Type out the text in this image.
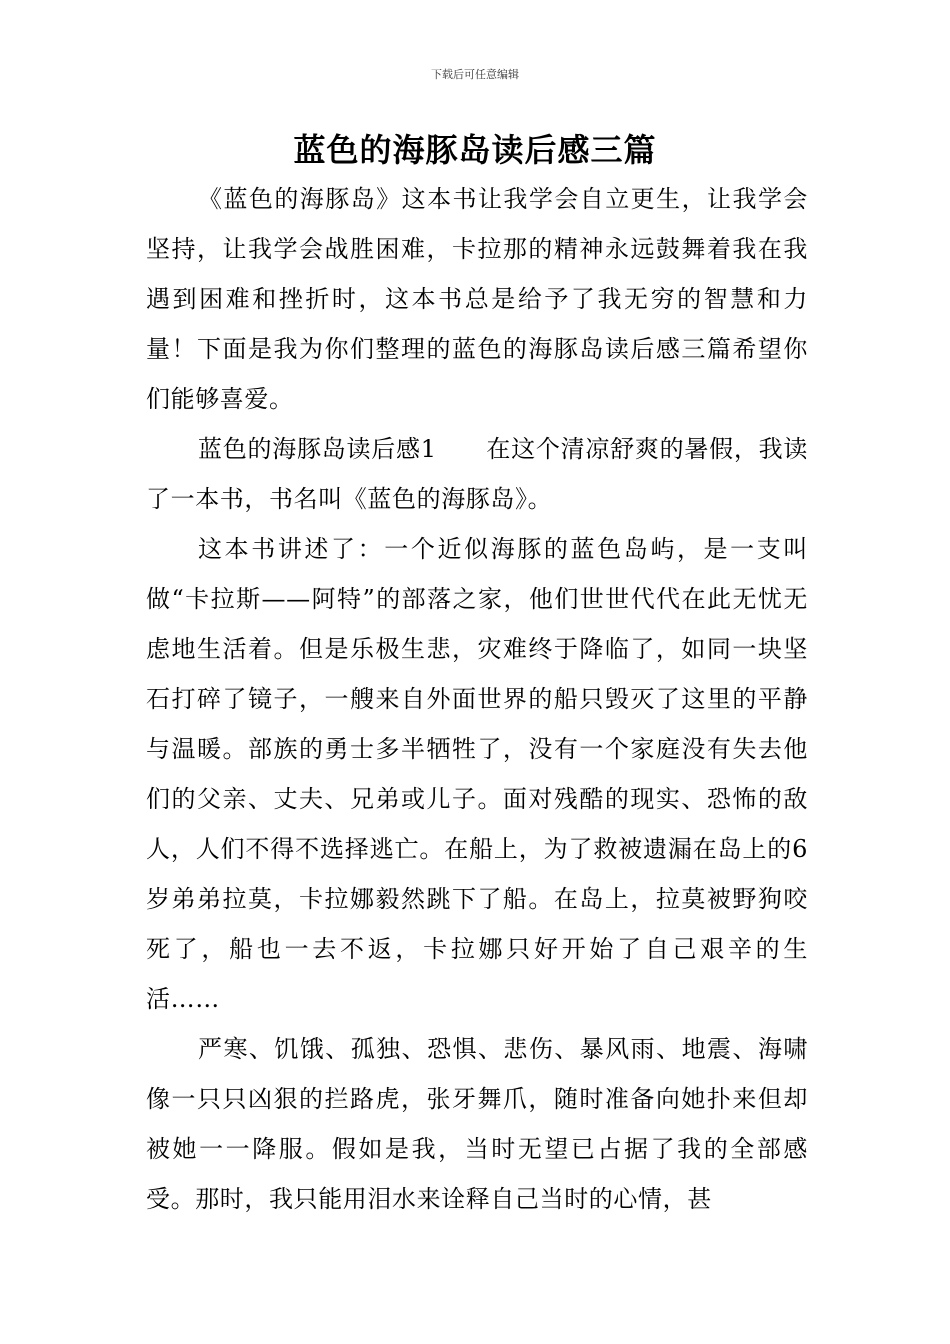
下载后可任意编辑
蓝色的海豚岛读后感三篇

《蓝色的海豚岛》这本书让我学会自立更生，让我学会坚持，让我学会战胜困难，卡拉那的精神永远鼓舞着我在我遇到困难和挫折时，这本书总是给予了我无穷的智慧和力量！下面是我为你们整理的蓝色的海豚岛读后感三篇希望你们能够喜爱。

蓝色的海豚岛读后感1　　在这个清凉舒爽的暑假，我读了一本书，书名叫《蓝色的海豚岛》。

这本书讲述了：一个近似海豚的蓝色岛屿，是一支叫做“卡拉斯——阿特”的部落之家，他们世世代代在此无忧无虑地生活着。但是乐极生悲，灾难终于降临了，如同一块坚石打碎了镜子，一艘来自外面世界的船只毁灭了这里的平静与温暖。部族的勇士多半牺牲了，没有一个家庭没有失去他们的父亲、丈夫、兄弟或儿子。面对残酷的现实、恐怖的敌人，人们不得不选择逃亡。在船上，为了救被遗漏在岛上的6岁弟弟拉莫，卡拉娜毅然跳下了船。在岛上，拉莫被野狗咬死了，船也一去不返，卡拉娜只好开始了自己艰辛的生活……

严寒、饥饿、孤独、恐惧、悲伤、暴风雨、地震、海啸像一只只凶狠的拦路虎，张牙舞爪，随时准备向她扑来但却被她一一降服。假如是我，当时无望已占据了我的全部感受。那时，我只能用泪水来诠释自己当时的心情，甚
